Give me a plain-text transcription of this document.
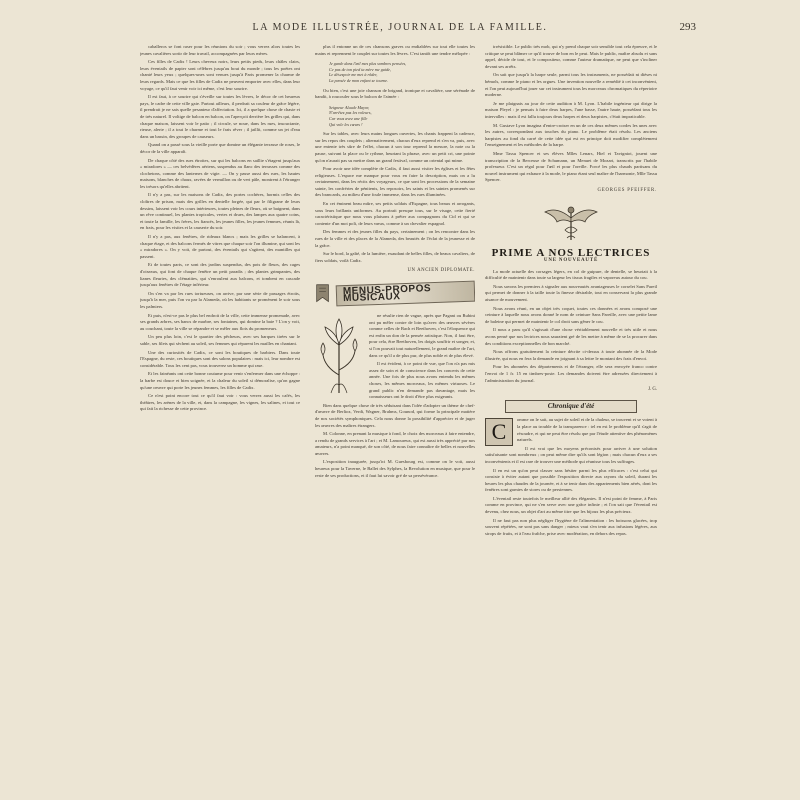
LA MODE ILLUSTRÉE, JOURNAL DE LA FAMILLE.	293

caballeros se font raser pour les réunions du soir ; vous verrez alors toutes les jeunes cavalières sortir de leur travail, accompagnées par leurs mères.

Ces filles de Cadix ! Leurs cheveux noirs, leurs petits pieds, leurs châles clairs, leurs éventails de papier sont célèbres jusqu'au bout du monde ; tous les poètes ont chanté leurs yeux ; quelques-unes sont venues jusqu'à Paris promener la charme de leurs regards. Mais ce que les filles de Cadix ne peuvent emporter avec elles, dans leur voyage, ce qu'il faut venir voir ici même, c'est leur sourire.

Il est faut, à ce sourire qui s'éveille sur toutes les lèvres, le décor de cet heureux pays, le cadre de cette ville gaie. Partout ailleurs, il perdrait sa couleur de grâce légère, il prendrait je ne sais quelle pesanteur d'affectation. Ici, il a quelque chose de chaste et de très naturel. Il voltige de balcon en balcon, on l'aperçoit derrière les grilles qui, dans chaque maison, laissent voir le patio ; il circule, se noue, dans les rues, insouciante, rieuse, alerte ; il a tout le charme et tout le frais rêver ; il jaillit, comme un jet d'eau dans un bassin, des groupes de causeurs.

Quand on a passé sous la vieille porte que domine un élégante terrasse de roses, le décor de la ville apparaît.

De chaque côté des rues étroites, sur qui les balcons en saillie s'étagent jusqu'aux « miradores » — ces belvédères aériens, suspendus au flanc des terrasses comme des clochetons, comme des lanternes de vigie. — On y passe aussi des rues, les hautes maisons, blanches de chaux, ravées de vermillon ou de vert pâle, montrent à l'étranger les trésors qu'elles abritent.

Il n'y a pas, sur les maisons de Cadix, des portes cochères, hormis celles des cloîtres de prison, mais des grilles en dentelle forgée, qui par le filigrane de leurs dessins, laissent voir les cours intérieures, toutes pleines de fleurs, où se baignent, dans un rêve continuel, les plantes tropicales, vertes et drues, des lampes aux quatre coins, et toute la famille, les frères, les fiancés, les jeunes filles, les jeunes femmes, réunis là, en frais, pour les visites et la causerie du soir.

Il n'y a pas, aux fenêtres, de rideaux blancs ; mais les grilles se balancent, à chaque étage, et des balcons fermés de vitres que chaque soir l'on illumine, qui sont les « miradores ». On y voit, de partout, des éventails qui s'agitent, des mantilles qui passent.

Et de toutes parts, ce sont des jardins suspendus, des pots de fleurs, des cages d'oiseaux, qui font de chaque fenêtre un petit paradis ; des plantes grimpantes, des lianes fleuries, des clématites, qui s'enroulent aux balcons, et tombent en cascade jusqu'aux fenêtres de l'étage inférieur.

On s'en va par les rues tortueuses, on arrive, par une série de passages étroits, jusqu'à la mer, puis l'on va par la Alameda, où les habitants se promènent le soir sous les palmiers.

Et puis, n'est-ce pas le plus bel endroit de la ville, cette immense promenade, avec ses grands arbres, ses bancs de marbre, ses fontaines, qui domine la baie ? L'on y voit, au couchant, toute la ville se répandre et se mêler aux flots du promeneurs.

Un peu plus loin, c'est le quartier des pêcheurs, avec ses barques tirées sur le sable, ses filets qui sèchent au soleil, ses femmes qui réparent les mailles en chantant.

Une des curiosités de Cadix, ce sont les boutiques de barbiers. Dans toute l'Espagne, du reste, ces boutiques sont des salons populaires : mais ici, leur nombre est considérable. Tous les cent pas, vous trouverez un homme qui rase.

Et les fainéants ont cette bonne coutume pour venir s'enfermer dans une échoppe : la barbe est douce et bien soignée, et la chaleur du soleil si démoralise, qu'on gagne qu'une oeuvre qui porte les jeunes femmes, les filles de Cadix.

Ce n'est point encore tout ce qu'il faut voir : vous verrez aussi les cafés, les théâtres, les arènes de la ville, et, dans la campagne, les vignes, les salines, et tout ce qui fait la richesse de cette province.

plus il entonne un de ces chansons graves ou endiablées sur tout elle toutes les mains et reprennent le couplet sur toutes les lèvres. C'est tantôt une tendre mélopée :

Je garde dans l'œil mes plus sombres pensées,
Ce pas de ton pied ta mère me guide,
Le désespoir me met à rôder,
La pensée de mon enfant se tourne.

Ou bien, c'est une joie chanson de brigand, ironique et cavalière, une sérénade de bandit, à roucouler sous le balcon de l'aimée :

Seigneur Alcade Mayor,
N'arrêtez pas les voleurs,
Car vous avez une fille
Qui vole les cœurs !

Sur les tables, avec leurs mains longues ouvertes, les chants frappent la cadence, sur les repos des couplets ; alternativement, chacun d'eux reprend et s'en va, puis, avec une entente très sûre de l'effet, chacun à son tour reprend la mesure, la note ou la pause, suivant la place ou le rythme, heurtant la phrase, avec un petit cri, une pointe qu'on n'aurait pas su mettre dans un grand festival, comme un oriental qui mime.

Pour avoir une idée complète de Cadix, il faut aussi visiter les églises et les fêtes religieuses. L'espace me manque pour vous en faire la description, mais on a lu certainement, dans les récits des voyageurs, ce que sont les processions de la semaine sainte, les confréries de pénitents, les reposoirs, les saints et les saintes promenés sur des brancards, au milieu d'une foule immense, dans les rues illuminées.

En cet éminent beau mûre, ses petits soldats d'Espagne, tous beaux et arrogants, sous leurs brillants uniformes. Au portrait presque tous, sur le visage, cette fierté caractéristique que nous vous plaisons à prêter aux compagnons du Cid et qui se contente d'un mot poli, de leurs vœux, comme à un chevalier espagnol.

Des femmes et des jeunes filles du pays, certainement ; on les rencontre dans les rues de la ville et des places de la Alameda, des beautés de l'éclat de la jeunesse et de la grâce.

Sur le bord, la gaîté, de la lumière, exaudant de belles filles, de beaux cavaliers, de fiers soldats, voilà Cadix.

UN ANCIEN DIPLOMATE.
MENUS-PROPOS MUSICAUX

ne résulte rien de vague, après que Pagani ou Rubini ont pu mêler contre de loin qu'avec des œuvres sévères comme celles de Bach et Beethoven, c'est l'éloquence qui est enfin un don de la pensée artistique. Non, il faut être, pour cela, être Beethoven, les doigts souffrir et songer, et, si l'on pouvait tout naturellement, le grand maître de l'art, dans ce qu'il a de plus pur, de plus noble et de plus élevé.

Il est évident, à ce point de vue, que l'on n'a pas mis assez de soin et de conscience dans les concerts de cette année. Une fois de plus nous avons entendu les mêmes choses, les mêmes morceaux, les mêmes virtuoses. Le grand public n'en demande pas davantage, mais les connaisseurs ont le droit d'être plus exigeants.

Bien dans quelque chose de très séduisant dans l'idée d'adopter un thème de chef-d'œuvre de Berlioz, Verdi, Wagner, Brahms, Gounod, qui forme la principale matière de nos sociétés symphoniques. Cela nous donne la possibilité d'apprécier et de juger les œuvres des maîtres étrangers.

M. Colonne, en prenant la musique à fond, le choix des morceaux à faire entendre, a rendu de grands services à l'art ; et M. Lamoureux, qui est aussi très apprécié par nos amateurs, n'a point manqué, de son côté, de nous faire connaître de belles et nouvelles œuvres.

L'exposition inaugurée, jusqu'ici M. Guesbourg est, comme on le voit, aussi heureux pour la Taverne, le Ballet des Sylphes, la Revolution en musique, que pour le reste de ses productions, et il faut lui savoir gré de sa persévérance.

irrésistible. Le public très mob, qui n'y prend chaque soir sensible tout cela épreuve, et le critique se peut blâmer ce qu'il trouve de bon en le peut. Mais le public, maître absolu et sans appel, décide de tout, et le compositeur, comme l'auteur dramatique, ne peut que s'incliner devant ses arrêts.

On sait que jusqu'à la harpe seule, parmi tous les instruments, ne possédait ni dièses ni bémols, comme le piano et les orgues. Une invention nouvelle a remédié à cet inconvénient, et l'on peut aujourd'hui jouer sur cet instrument tous les morceaux chromatiques du répertoire moderne.

Je me plaignais au jour de cette audition à M. Lyon. L'habile ingénieur qui dirige la maison Pleyel : je pensais à faire deux harpes, l'une basse, l'autre haute, possédant tous les intervalles : mais il est fallu toujours deux harpes et deux harpistes, c'était impraticable.

M. Gustave Lyon imagina d'entre-croiser en un de ces deux mêmes cordes les unes avec les autres, correspondant aux touches du piano. Le problème était résolu. Les anciens harpistes au fond du carré de cette idée qui est en principe doit modifier complètement l'enseignement et les méthodes de la harpe.

Mme Tassu Spencer et ses élèves Mlles Lenars, Hiel et Tavigniot, jouent une transcription de la Berceuse de Schumann, un Menuet de Mozart, transcrits par l'habile professeur. C'est un régal pour l'œil et pour l'oreille. Forcé les plus chauds partisans du nouvel instrument qui exhaure à la mode, le piano étant seul maître de l'harmonie, Mlle Tassu Spencer.

GEORGES PFEIFFER.
PRIME A NOS LECTRICES
UNE NOUVEAUTÉ

La mode actuelle des corsages légers, en col de guipure, de dentelle, se heurtait à la difficulté de maintenir dans toute sa largeur les tissus fragiles et vaporeux autour du cou.

Nous savons les premiers à signaler aux nouveautés avantageuses le corselet Sans Pareil qui permet de donner à la taille toute la finesse désirable, tout en conservant la plus grande aisance de mouvement.

Nous avons réuni, en un objet très coquet, toutes ces données et avons composé une ceinture à laquelle nous avons donné le nom de ceinture Sans Pareille, avec une petite lame de baleine qui permet de maintenir le col droit sans gêner le cou.

Il nous a paru qu'il s'agissait d'une chose véritablement nouvelle et très utile et nous avons pensé que nos lectrices nous sauraient gré de les mettre à même de se la procurer dans des conditions exceptionnelles de bon marché.

Nous offrons gratuitement la ceinture décrite ci-dessus à toute abonnée de la Mode illustrée, qui nous en fera la demande en joignant à sa lettre le montant des frais d'envoi.

Pour les abonnées des départements et de l'étranger, elle sera envoyée franco contre l'envoi de 1 fr. 15 en timbres-poste. Les demandes doivent être adressées directement à l'administration du journal.

J. G.
Chronique d'été
C	omme on le sait, au sujet de soleil et de la chaleur, se trouvent et se voient à la place au trouble de la transparence : tel en est le problème qu'il s'agit de résoudre, et qui ne peut être résolu que par l'étude attentive des phénomènes naturels.

Il est vrai que les moyens préconisés pour arriver à une solution satisfaisante sont nombreux ; on peut même dire qu'ils sont légion ; mais chacun d'eux a ses inconvénients et il est rare de trouver une méthode qui réunisse tous les suffrages.

Il en est un qu'on peut classer sans hésiter parmi les plus efficaces : c'est celui qui consiste à éviter autant que possible l'exposition directe aux rayons du soleil, durant les heures les plus chaudes de la journée, et à se tenir dans des appartements bien aérés, dont les fenêtres sont garnies de stores ou de persiennes.

L'éventail reste toutefois le meilleur allié des élégantes. Il n'est point de femme, à Paris comme en province, qui ne s'en serve avec une grâce infinie ; et l'on sait que l'éventail est devenu, chez nous, un objet d'art au même titre que les bijoux les plus précieux.

Il ne faut pas non plus négliger l'hygiène de l'alimentation : les boissons glacées, trop souvent répétées, ne sont pas sans danger ; mieux vaut s'en tenir aux infusions légères, aux sirops de fruits, et à l'eau fraîche, prise avec modération, en dehors des repas.
